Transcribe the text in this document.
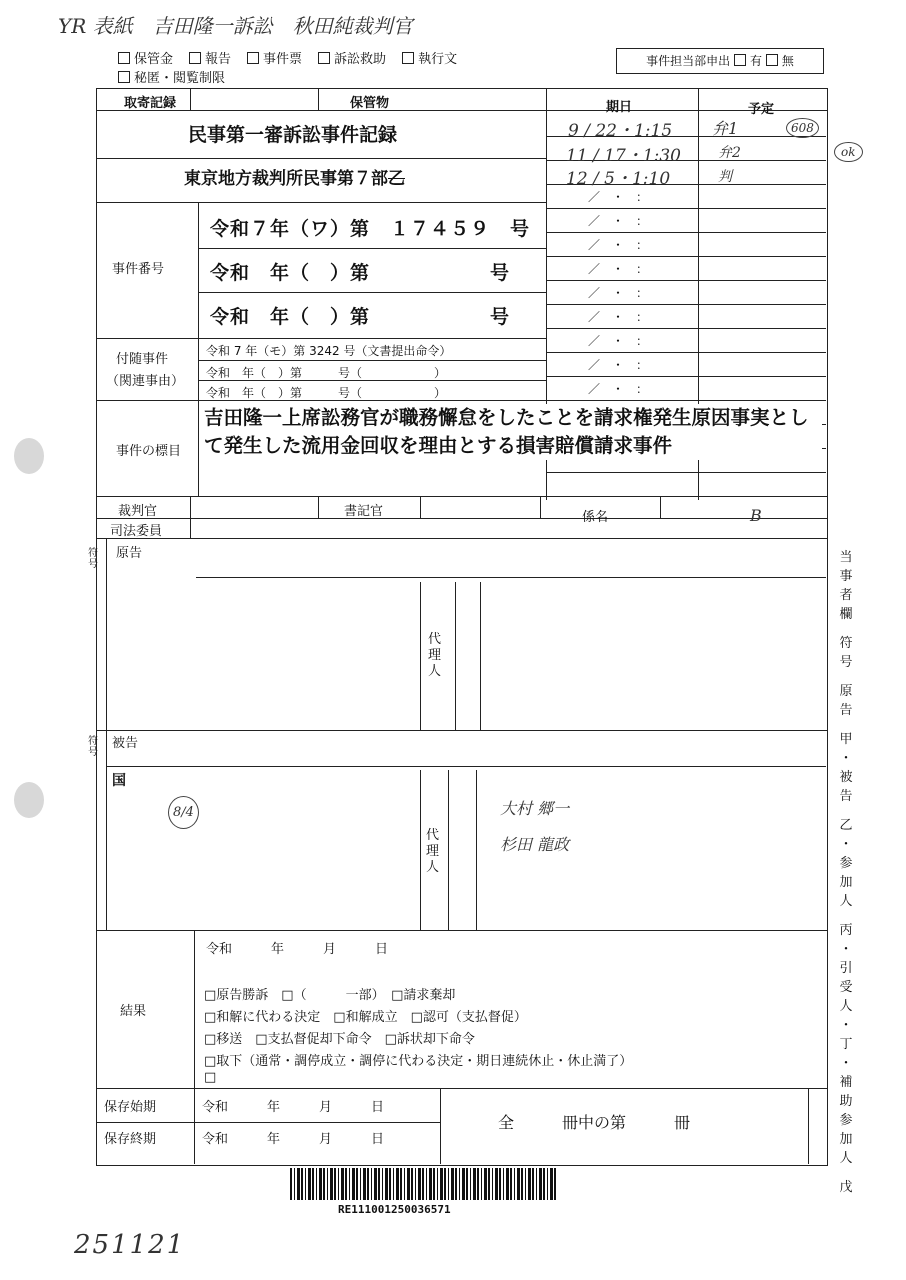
YR 表紙　吉田隆一訴訟　秋田純裁判官
保管金	報告	事件票	訴訟救助	執行文
秘匿・閲覧制限
事件担当部申出 有 無
取寄記録	保管物	期日	予定
民事第一審訴訟事件記録
東京地方裁判所民事第７部乙
事件番号
令和７年（ワ）第　１７４５９　号
令和　年（　）第　　　　　　号
令和　年（　）第　　　　　　号
付随事件
（関連事由）
令和 7 年（モ）第 3242 号（文書提出命令）
令和　年（　）第　　　号（　　　　　　）
令和　年（　）第　　　号（　　　　　　）
9 / 22・1:15 弁1	608
11 / 17・1:30	弁2	ok
12 / 5・1:10	判
／　・　：
／　・　：
／　・　：
／　・　：
／　・　：
／　・　：
／　・　：
／　・　：
／　・　：
事件の標目
吉田隆一上席訟務官が職務懈怠をしたことを請求権発生原因事実として発生した流用金回収を理由とする損害賠償請求事件
裁判官	書記官	係名	B
司法委員
符号
原告
代理人
符号
被告
国
8/4
代理人
大村 郷一
杉田 龍政
結果
令和　　　年　　　月　　　日
□原告勝訴　□（　　　一部）　□請求棄却
□和解に代わる決定　□和解成立　□認可（支払督促）
□移送　□支払督促却下命令　□訴状却下命令
□取下（通常・調停成立・調停に代わる決定・期日連続休止・休止満了）
□
保存始期	令和　　　年　　　月　　　日
保存終期	令和　　　年　　　月　　　日
全　　　冊中の第　　　冊
RE111001250036571
251121
当
事
者
欄
符
号
原
告
甲
・
被
告
乙
・
参
加
人
丙
・
引
受
人
・
丁
・
補
助
参
加
人
戊
